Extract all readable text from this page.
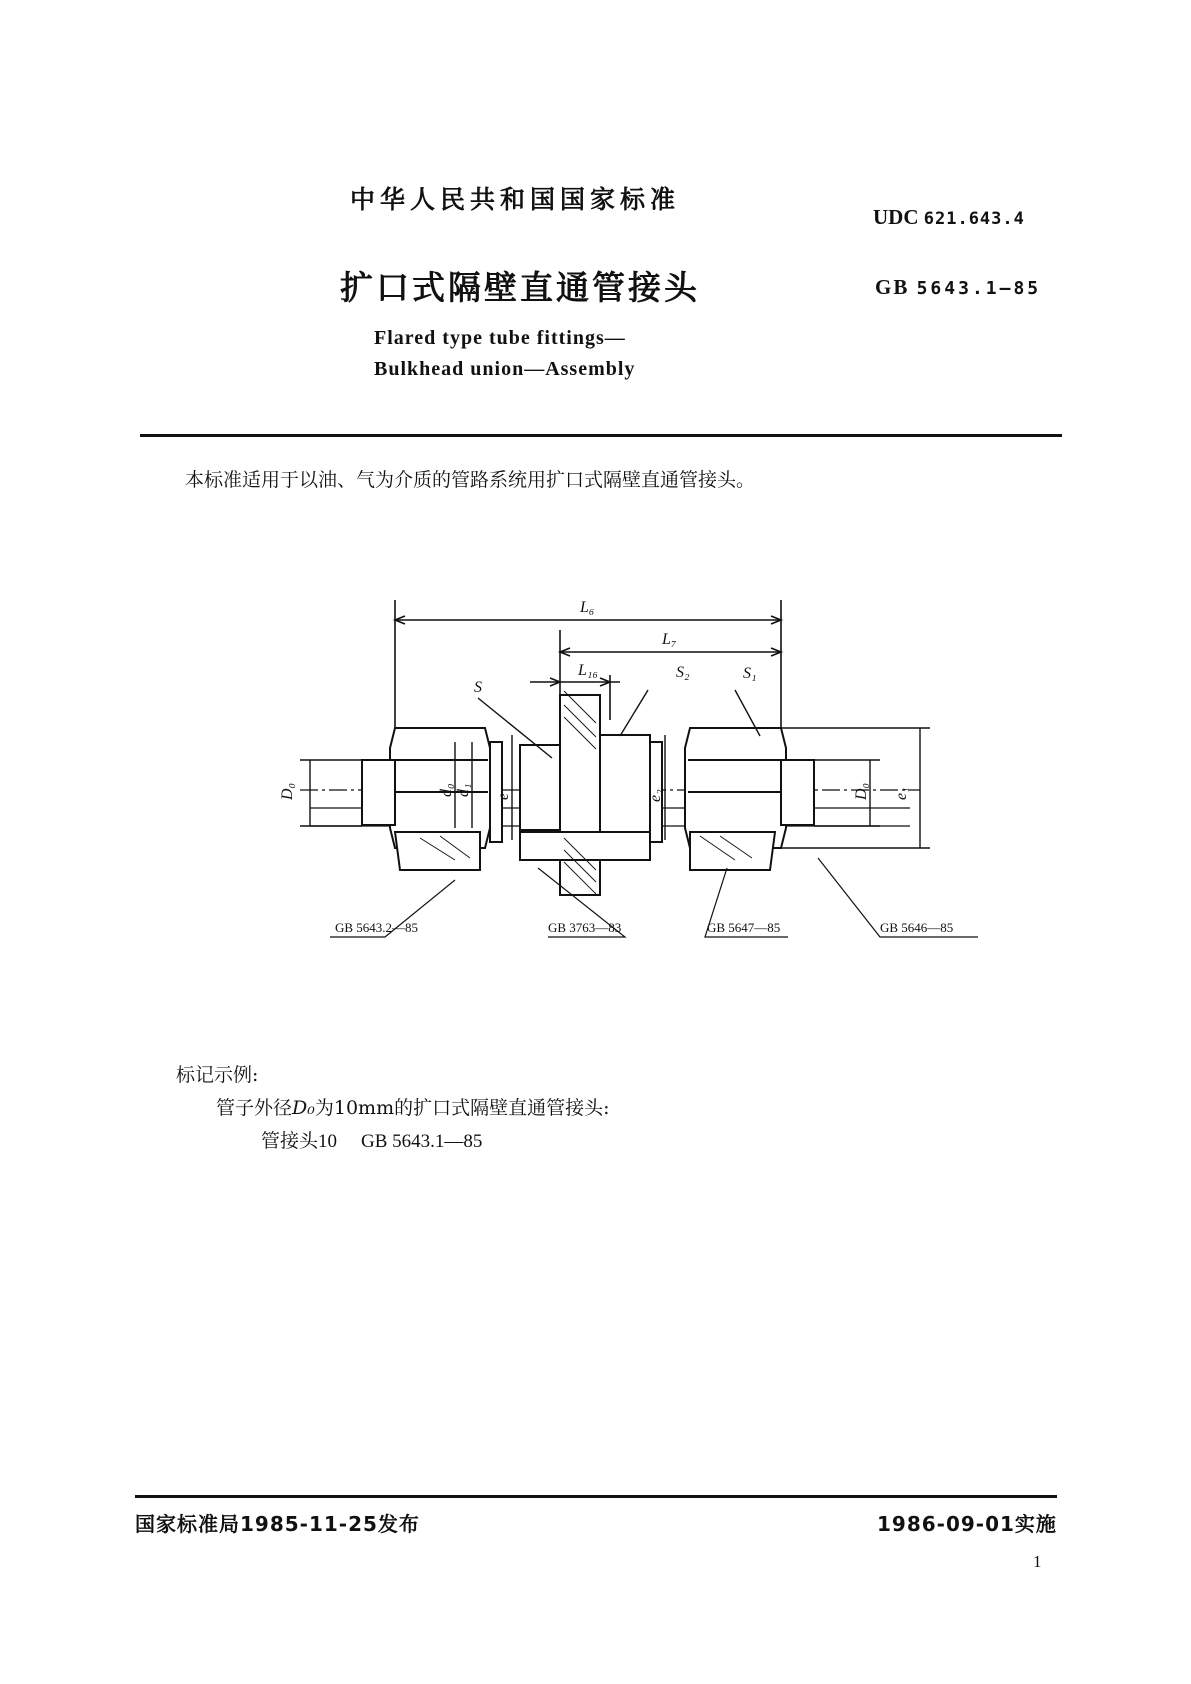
中华人民共和国国家标准
UDC 621.643.4
扩口式隔壁直通管接头	GB 5643.1—85
Flared type tube fittings—
Bulkhead union—Assembly
本标准适用于以油、气为介质的管路系统用扩口式隔壁直通管接头。
L₆
L₇
L₁₆
S
S₂	S₁
D₀	d₀ d₁ e	e₂	D₀ e₁
GB 5643.2—85	GB 3763—83	GB 5647—85	GB 5646—85
标记示例:
管子外径D₀为10mm的扩口式隔壁直通管接头:
管接头10 GB 5643.1—85
国家标准局1985-11-25发布	1986-09-01实施
1
